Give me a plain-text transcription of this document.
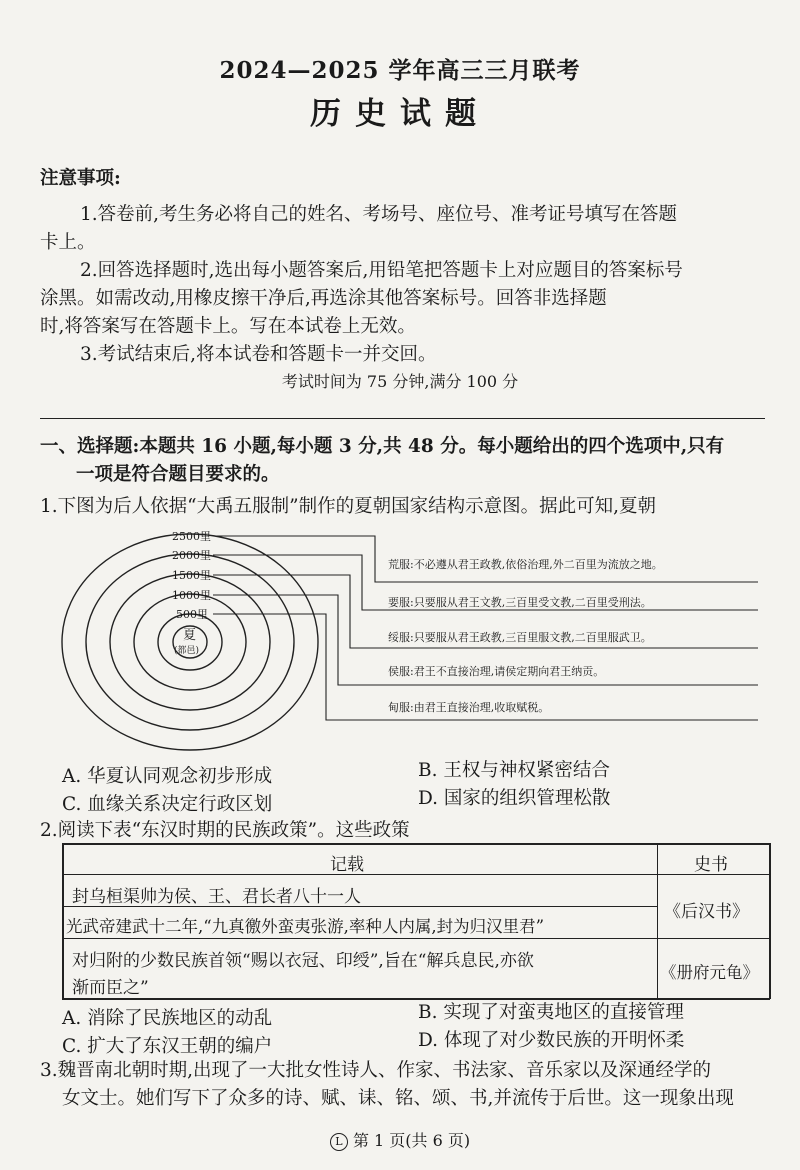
2024—2025 学年高三三月联考
历史试题
注意事项:
1.答卷前,考生务必将自己的姓名、考场号、座位号、准考证号填写在答题
卡上。
2.回答选择题时,选出每小题答案后,用铅笔把答题卡上对应题目的答案标号
涂黑。如需改动,用橡皮擦干净后,再选涂其他答案标号。回答非选择题
时,将答案写在答题卡上。写在本试卷上无效。
3.考试结束后,将本试卷和答题卡一并交回。
考试时间为 75 分钟,满分 100 分
一、选择题:本题共 16 小题,每小题 3 分,共 48 分。每小题给出的四个选项中,只有
一项是符合题目要求的。
1.下图为后人依据“大禹五服制”制作的夏朝国家结构示意图。据此可知,夏朝
2500里
2000里
1500里
1000里
500里
夏
(都邑)
荒服:不必遵从君王政教,依俗治理,外二百里为流放之地。
要服:只要服从君王文教,三百里受文教,二百里受刑法。
绥服:只要服从君王政教,三百里服文教,二百里服武卫。
侯服:君王不直接治理,请侯定期向君王纳贡。
甸服:由君王直接治理,收取赋税。
A. 华夏认同观念初步形成	B. 王权与神权紧密结合
C. 血缘关系决定行政区划	D. 国家的组织管理松散
2.阅读下表“东汉时期的民族政策”。这些政策
记载	史书
封乌桓渠帅为侯、王、君长者八十一人
光武帝建武十二年,“九真徼外蛮夷张游,率种人内属,封为归汉里君”
《后汉书》
对归附的少数民族首领“赐以衣冠、印绶”,旨在“解兵息民,亦欲
渐而臣之”
《册府元龟》
A. 消除了民族地区的动乱	B. 实现了对蛮夷地区的直接管理
C. 扩大了东汉王朝的编户	D. 体现了对少数民族的开明怀柔
3.魏晋南北朝时期,出现了一大批女性诗人、作家、书法家、音乐家以及深通经学的
女文士。她们写下了众多的诗、赋、诔、铭、颂、书,并流传于后世。这一现象出现
L 第 1 页(共 6 页)
